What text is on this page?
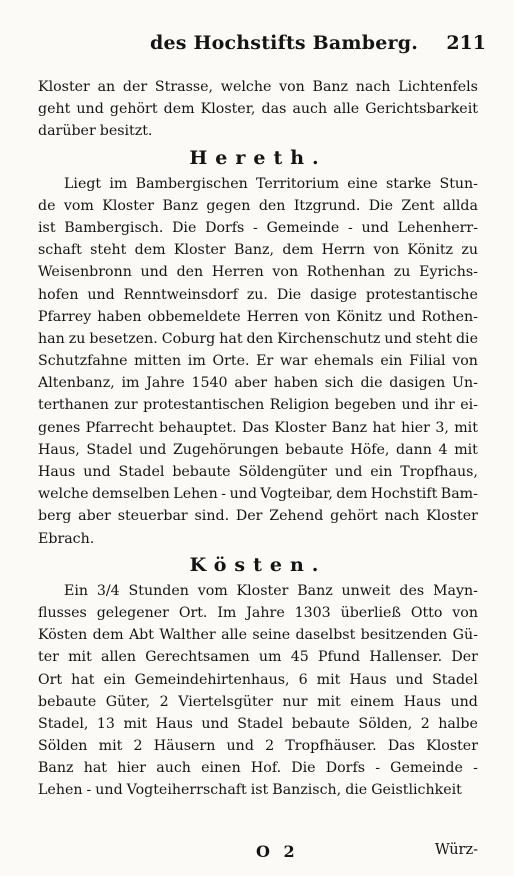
des Hochstifts Bamberg. 211
Kloster an der Strasse, welche von Banz nach Lichtenfels
geht und gehört dem Kloster, das auch alle Gerichtsbarkeit
darüber besitzt.
Hereth.
Liegt im Bambergischen Territorium eine starke Stun-
de vom Kloster Banz gegen den Itzgrund. Die Zent allda
ist Bambergisch. Die Dorfs - Gemeinde - und Lehenherr-
schaft steht dem Kloster Banz, dem Herrn von Könitz zu
Weisenbronn und den Herren von Rothenhan zu Eyrichs-
hofen und Renntweinsdorf zu. Die dasige protestantische
Pfarrey haben obbemeldete Herren von Könitz und Rothen-
han zu besetzen. Coburg hat den Kirchenschutz und steht die
Schutzfahne mitten im Orte. Er war ehemals ein Filial von
Altenbanz, im Jahre 1540 aber haben sich die dasigen Un-
terthanen zur protestantischen Religion begeben und ihr ei-
genes Pfarrecht behauptet. Das Kloster Banz hat hier 3, mit
Haus, Stadel und Zugehörungen bebaute Höfe, dann 4 mit
Haus und Stadel bebaute Söldengüter und ein Tropfhaus,
welche demselben Lehen - und Vogteibar, dem Hochstift Bam-
berg aber steuerbar sind. Der Zehend gehört nach Kloster
Ebrach.
Kösten.
Ein 3/4 Stunden vom Kloster Banz unweit des Mayn-
flusses gelegener Ort. Im Jahre 1303 überließ Otto von
Kösten dem Abt Walther alle seine daselbst besitzenden Gü-
ter mit allen Gerechtsamen um 45 Pfund Hallenser. Der
Ort hat ein Gemeindehirtenhaus, 6 mit Haus und Stadel
bebaute Güter, 2 Viertelsgüter nur mit einem Haus und
Stadel, 13 mit Haus und Stadel bebaute Sölden, 2 halbe
Sölden mit 2 Häusern und 2 Tropfhäuser. Das Kloster
Banz hat hier auch einen Hof. Die Dorfs - Gemeinde -
Lehen - und Vogteiherrschaft ist Banzisch, die Geistlichkeit
O 2	Würz-
